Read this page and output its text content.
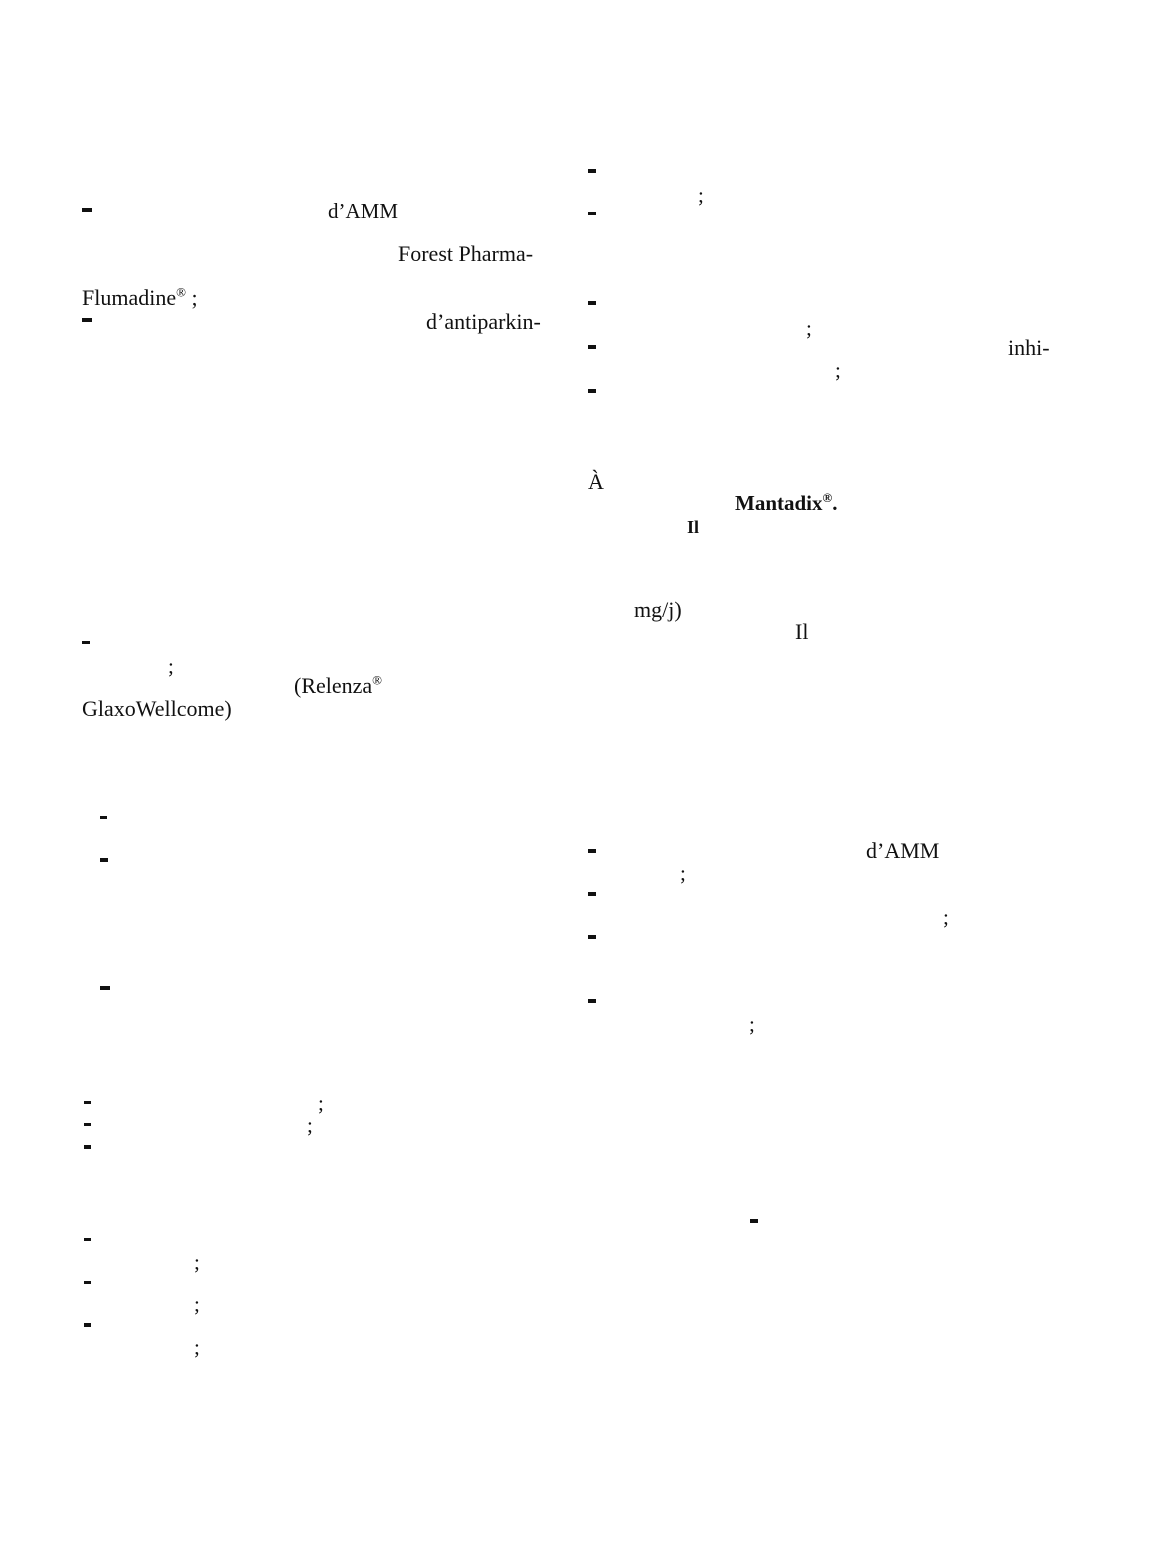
d’AMM
Forest Pharma-
Flumadine® ;
d’antiparkin-
;
(Relenza®
GlaxoWellcome)
;
;
;
;
;
;
;
inhi-
;
À
Mantadix®.
Il
mg/j)
Il
d’AMM
;
;
;
